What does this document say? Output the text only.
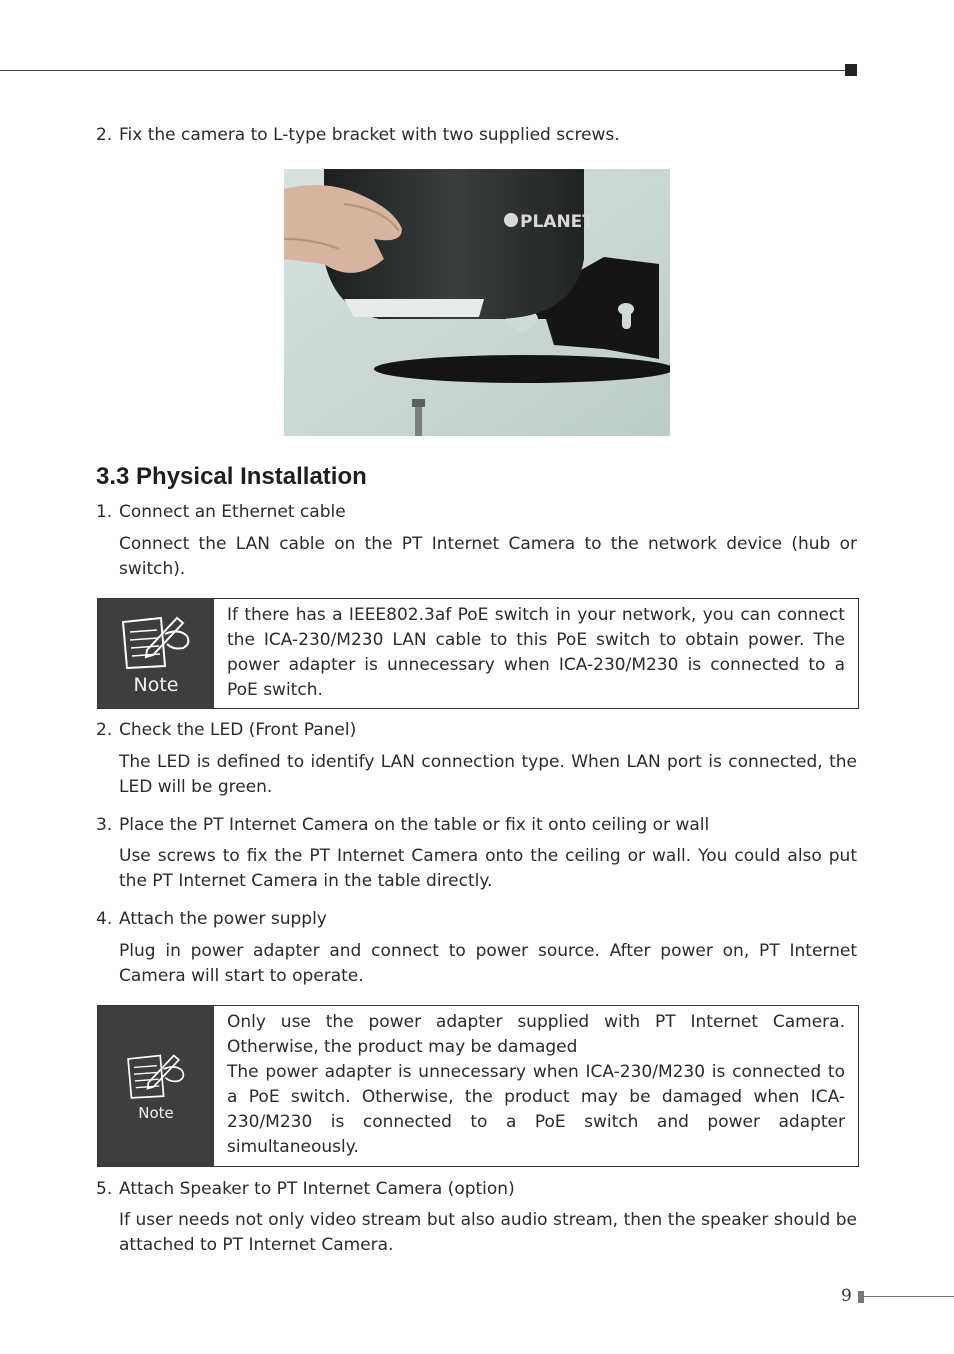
2. Fix the camera to L-type bracket with two supplied screws.
PLANET
3.3 Physical Installation
1. Connect an Ethernet cable
Connect the LAN cable on the PT Internet Camera to the network device (hub or switch).
Note
If there has a IEEE802.3af PoE switch in your network, you can connect the ICA-230/M230 LAN cable to this PoE switch to obtain power. The power adapter is unnecessary when ICA-230/M230 is connected to a PoE switch.
2. Check the LED (Front Panel)
The LED is defined to identify LAN connection type. When LAN port is connected, the LED will be green.
3. Place the PT Internet Camera on the table or fix it onto ceiling or wall
Use screws to fix the PT Internet Camera onto the ceiling or wall. You could also put the PT Internet Camera in the table directly.
4. Attach the power supply
Plug in power adapter and connect to power source. After power on, PT Internet Camera will start to operate.
Note
Only use the power adapter supplied with PT Internet Camera. Otherwise, the product may be damaged
The power adapter is unnecessary when ICA-230/M230 is connected to a PoE switch. Otherwise, the product may be damaged when ICA-230/M230 is connected to a PoE switch and power adapter simultaneously.
5. Attach Speaker to PT Internet Camera (option)
If user needs not only video stream but also audio stream, then the speaker should be attached to PT Internet Camera.
9
